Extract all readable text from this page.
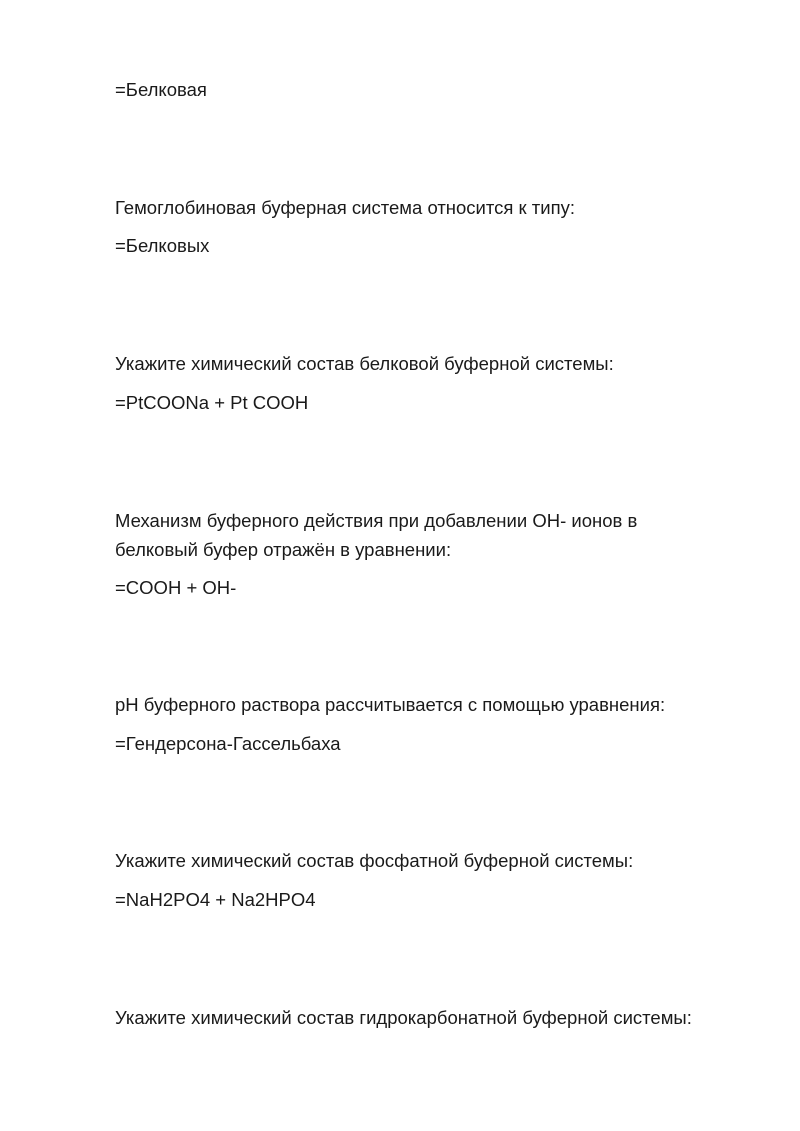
=Белковая
Гемоглобиновая буферная система относится к типу:
=Белковых
Укажите химический состав белковой буферной системы:
=PtCOONa + Pt COOH
Механизм буферного действия при добавлении OH- ионов в
белковый буфер отражён в уравнении:
=COOH + OH-
pH буферного раствора рассчитывается с помощью уравнения:
=Гендерсона-Гассельбаха
Укажите химический состав фосфатной буферной системы:
=NaH2PO4 + Na2HPO4
Укажите химический состав гидрокарбонатной буферной системы:
